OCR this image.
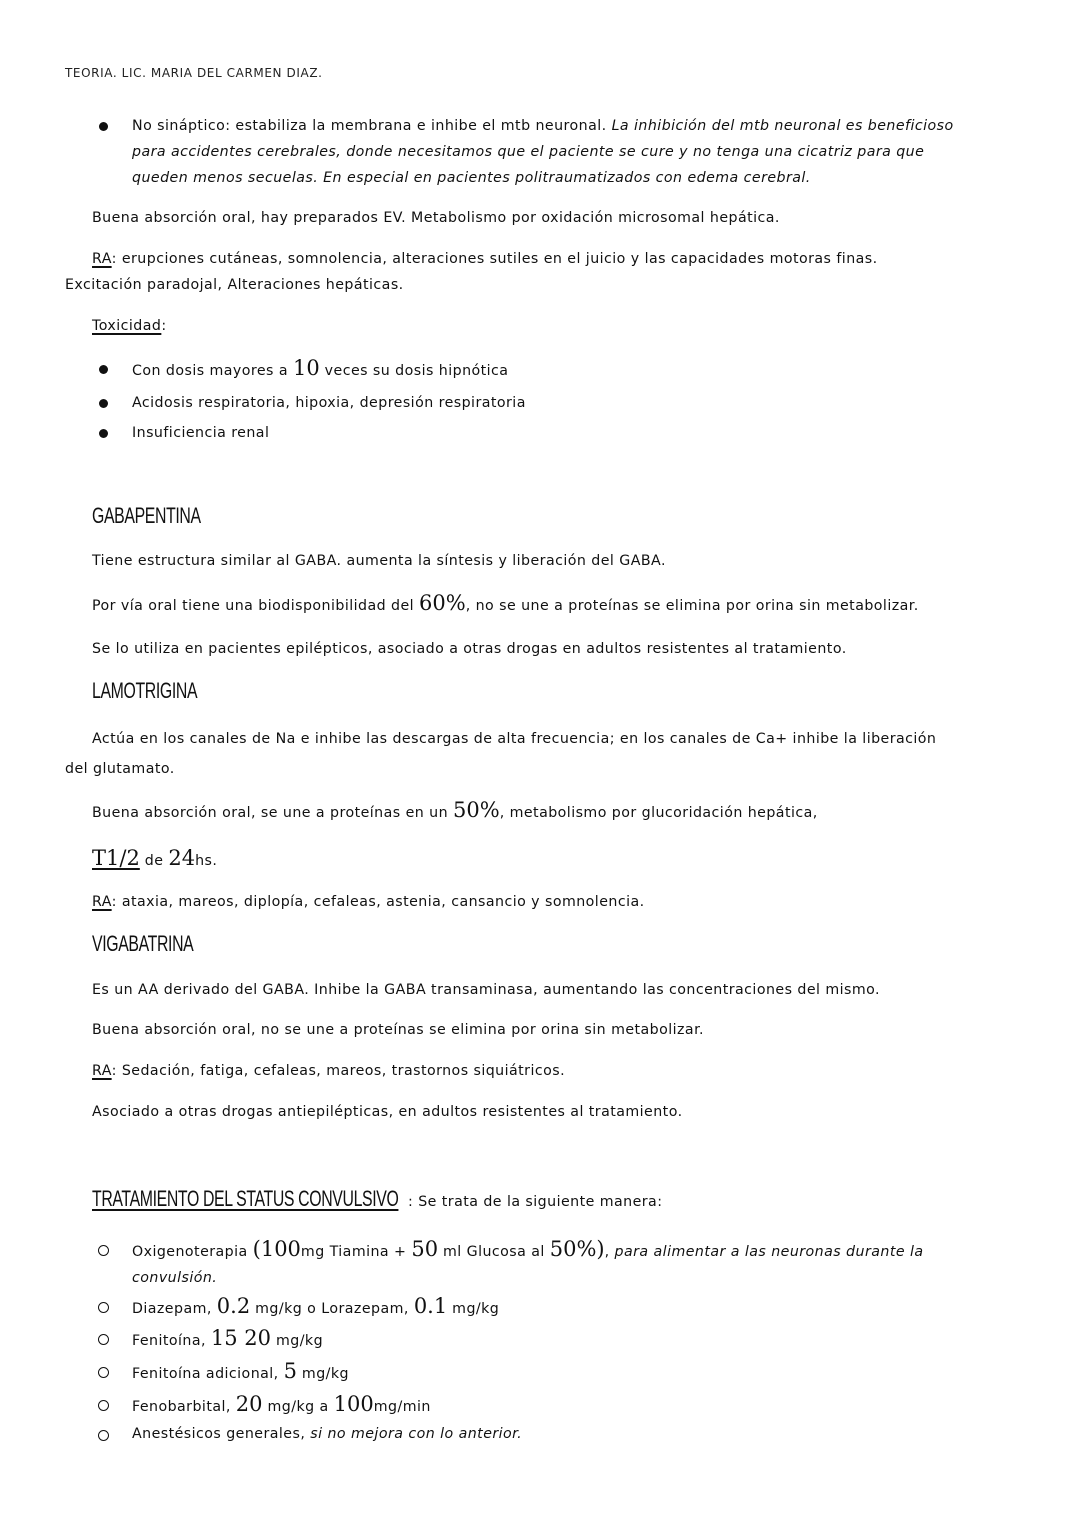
TEORIA. LIC. MARIA DEL CARMEN DIAZ.
No sináptico: estabiliza la membrana e inhibe el mtb neuronal. La inhibición del mtb neuronal es beneficioso
para accidentes cerebrales, donde necesitamos que el paciente se cure y no tenga una cicatriz para que
queden menos secuelas. En especial en pacientes politraumatizados con edema cerebral.
Buena absorción oral, hay preparados EV. Metabolismo por oxidación microsomal hepática.
RA: erupciones cutáneas, somnolencia, alteraciones sutiles en el juicio y las capacidades motoras finas.
Excitación paradojal, Alteraciones hepáticas.
Toxicidad:
Con dosis mayores a 10 veces su dosis hipnótica
Acidosis respiratoria, hipoxia, depresión respiratoria
Insuficiencia renal
GABAPENTINA
Tiene estructura similar al GABA. aumenta la síntesis y liberación del GABA.
Por vía oral tiene una biodisponibilidad del 60%, no se une a proteínas se elimina por orina sin metabolizar.
Se lo utiliza en pacientes epilépticos, asociado a otras drogas en adultos resistentes al tratamiento.
LAMOTRIGINA
Actúa en los canales de Na e inhibe las descargas de alta frecuencia; en los canales de Ca+ inhibe la liberación
del glutamato.
Buena absorción oral, se une a proteínas en un 50%, metabolismo por glucoridación hepática,
T1/2 de 24hs.
RA: ataxia, mareos, diplopía, cefaleas, astenia, cansancio y somnolencia.
VIGABATRINA
Es un AA derivado del GABA. Inhibe la GABA transaminasa, aumentando las concentraciones del mismo.
Buena absorción oral, no se une a proteínas se elimina por orina sin metabolizar.
RA: Sedación, fatiga, cefaleas, mareos, trastornos siquiátricos.
Asociado a otras drogas antiepilépticas, en adultos resistentes al tratamiento.
TRATAMIENTO DEL STATUS CONVULSIVO : Se trata de la siguiente manera:
Oxigenoterapia (100mg Tiamina + 50 ml Glucosa al 50%), para alimentar a las neuronas durante la
convulsión.
Diazepam, 0.2 mg/kg o Lorazepam, 0.1 mg/kg
Fenitoína, 15 20 mg/kg
Fenitoína adicional, 5 mg/kg
Fenobarbital, 20 mg/kg a 100mg/min
Anestésicos generales, si no mejora con lo anterior.
